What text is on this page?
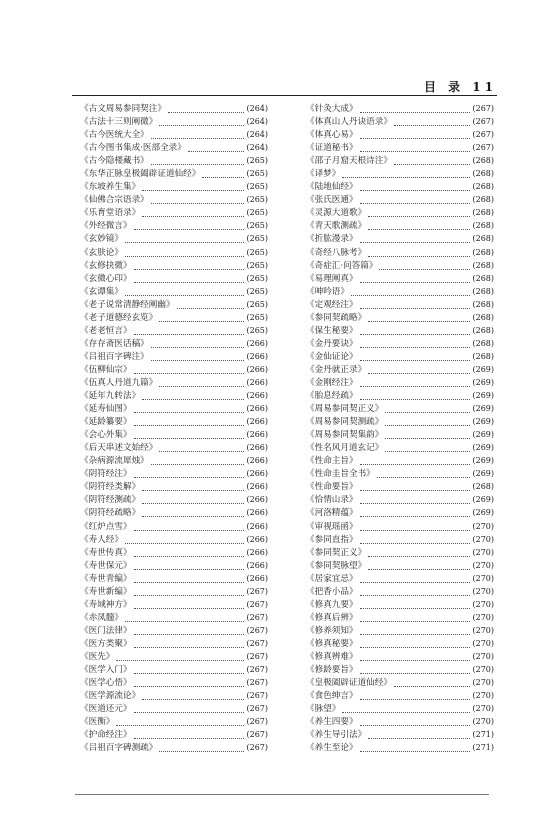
目 录 11
《古文周易参同契注》	(264)
《古法十三则阐微》	(264)
《古今医统大全》	(264)
《古今图书集成·医部全录》	(264)
《古今隐楼藏书》	(265)
《东华正脉皇极阖辟证道仙经》	(265)
《东坡养生集》	(265)
《仙佛合宗语录》	(265)
《乐育堂语录》	(265)
《外经微言》	(265)
《玄妙镜》	(265)
《玄肤论》	(265)
《玄修抉微》	(265)
《玄微心印》	(265)
《玄谭集》	(265)
《老子说常清静经阐幽》	(265)
《老子道德经玄览》	(265)
《老老恒言》	(265)
《存存斋医话稿》	(266)
《吕祖百字碑注》	(266)
《伍柳仙宗》	(266)
《伍真人丹道九篇》	(266)
《延年九转法》	(266)
《延寿仙图》	(266)
《延龄纂要》	(266)
《会心外集》	(266)
《后天串述文始经》	(266)
《杂病源流犀烛》	(266)
《阴符经注》	(266)
《阴符经类解》	(266)
《阴符经测疏》	(266)
《阴符经疏略》	(266)
《红炉点雪》	(266)
《寿人经》	(266)
《寿世传真》	(266)
《寿世保元》	(266)
《寿世青编》	(266)
《寿世新编》	(267)
《寿域神方》	(267)
《赤凤髓》	(267)
《医门法律》	(267)
《医方类聚》	(267)
《医先》	(267)
《医学入门》	(267)
《医学心悟》	(267)
《医学源流论》	(267)
《医道还元》	(267)
《医衡》	(267)
《护命经注》	(267)
《吕祖百字碑测疏》	(267)
《针灸大成》	(267)
《体真山人丹诀语录》	(267)
《体真心易》	(267)
《证道秘书》	(267)
《邵子月窟天根诗注》	(268)
《译梦》	(268)
《陆地仙经》	(268)
《张氏医通》	(268)
《灵源大道歌》	(268)
《青天歌测疏》	(268)
《折肱漫录》	(268)
《奇经八脉考》	(268)
《奇症汇·问答篇》	(268)
《易理阐真》	(268)
《呻吟语》	(268)
《定观经注》	(268)
《参同契疏略》	(268)
《保生秘要》	(268)
《金丹要诀》	(268)
《金仙证论》	(268)
《金丹就正录》	(269)
《金刚经注》	(269)
《胎息经疏》	(269)
《周易参同契正义》	(269)
《周易参同契测疏》	(269)
《周易参同契集韵》	(269)
《性名风月道玄记》	(269)
《性命主旨》	(269)
《性命圭旨全书》	(269)
《性命要旨》	(268)
《恰情山录》	(269)
《河洛精蕴》	(269)
《审视瑶函》	(270)
《参同直指》	(270)
《参同契正义》	(270)
《参同契脉望》	(270)
《居家宜忌》	(270)
《把香小品》	(270)
《修真九要》	(270)
《修真后辨》	(270)
《修养须知》	(270)
《修真秘要》	(270)
《修真辨难》	(270)
《修龄要旨》	(270)
《皇极阖辟证道仙经》	(270)
《食色绅言》	(270)
《脉望》	(270)
《养生四要》	(270)
《养生导引法》	(271)
《养生至论》	(271)
